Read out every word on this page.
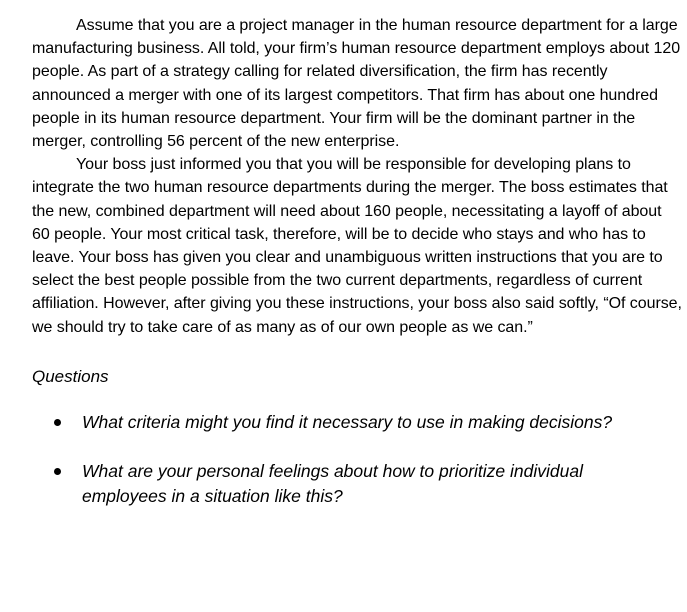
Assume that you are a project manager in the human resource department for a large manufacturing business. All told, your firm’s human resource department employs about 120 people. As part of a strategy calling for related diversification, the firm has recently announced a merger with one of its largest competitors. That firm has about one hundred people in its human resource department. Your firm will be the dominant partner in the merger, controlling 56 percent of the new enterprise.

Your boss just informed you that you will be responsible for developing plans to integrate the two human resource departments during the merger. The boss estimates that the new, combined department will need about 160 people, necessitating a layoff of about 60 people. Your most critical task, therefore, will be to decide who stays and who has to leave. Your boss has given you clear and unambiguous written instructions that you are to select the best people possible from the two current departments, regardless of current affiliation. However, after giving you these instructions, your boss also said softly, “Of course, we should try to take care of as many as of our own people as we can.”

Questions
What criteria might you find it necessary to use in making decisions?
What are your personal feelings about how to prioritize individual employees in a situation like this?
